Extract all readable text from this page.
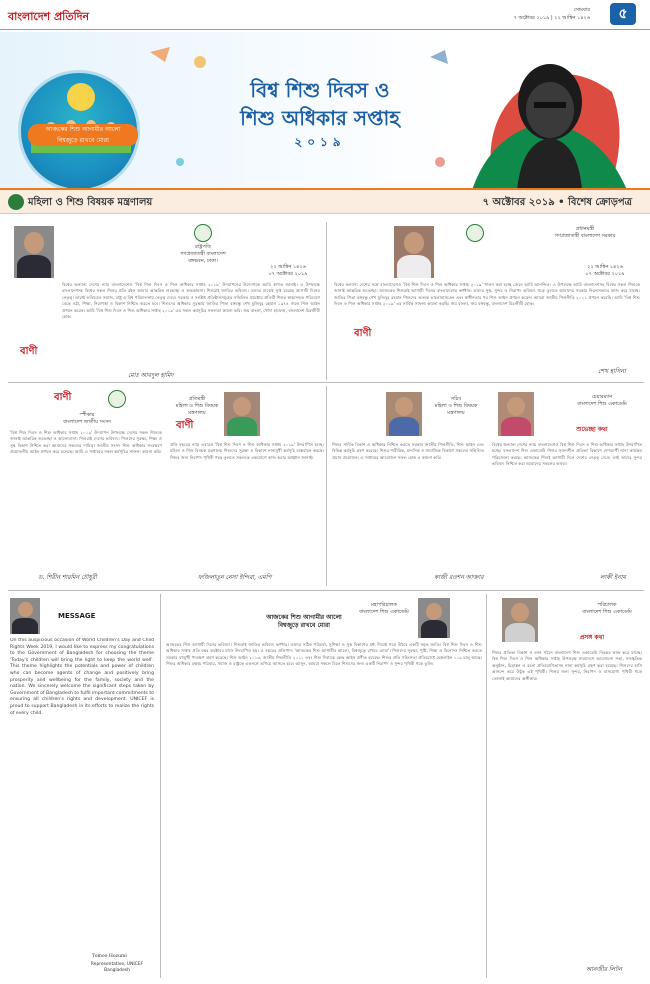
বাংলাদেশ প্রতিদিন	সোমবার
৭ অক্টোবর ২০১৯ | ২২ আশ্বিন ১৪২৬	৫
আজকের শিশু আগামীর আলো
বিশ্বজুড়ে রাখবে মোরা
বিশ্ব শিশু দিবস ও
শিশু অধিকার সপ্তাহ
২০১৯
মহিলা ও শিশু বিষয়ক মন্ত্রণালয়	৭ অক্টোবর ২০১৯ • বিশেষ ক্রোড়পত্র
রাষ্ট্রপতি
গণপ্রজাতন্ত্রী বাংলাদেশ
বঙ্গভবন, ঢাকা।
২২ আশ্বিন ১৪২৬
০৭ অক্টোবর ২০১৯
বিশ্বের অন্যান্য দেশের ন্যায় বাংলাদেশেও 'বিশ্ব শিশু দিবস ও শিশু অধিকার সপ্তাহ ২০১৯' উদযাপনের উদ্যোগকে আমি স্বাগত জানাই। এ উপলক্ষে বাংলাদেশসহ বিশ্বের সকল শিশুর প্রতি রইল আমার আন্তরিক শুভেচ্ছা ও শুভকামনা। শিশুরাই জাতির ভবিষ্যৎ। তাদের মাঝেই সুপ্ত রয়েছে আগামী দিনের নেতৃত্ব। তারাই ভবিষ্যতে সমাজ, রাষ্ট্র ও বিশ্ব পরিচালনায় নেতৃত্ব দেবে। সরকার ও সংশ্লিষ্ট প্রতিষ্ঠানসমূহের সম্মিলিত প্রচেষ্টায় প্রতিটি শিশুর স্বাস্থ্যসম্মত পরিবেশে বেড়ে ওঠা, শিক্ষা, নিরাপত্তা ও বিকাশ নিশ্চিত করতে হবে। শিশুদের অধিকার সুরক্ষায় জাতির পিতা বঙ্গবন্ধু শেখ মুজিবুর রহমান ১৯৭৪ সালে শিশু আইন প্রণয়ন করেন। আমি 'বিশ্ব শিশু দিবস ও শিশু অধিকার সপ্তাহ ২০১৯' এর সকল কর্মসূচির সফলতা কামনা করি। জয় বাংলা, খোদা হাফেজ, বাংলাদেশ চিরজীবী হোক।
বাণী
মোঃ আবদুল হামিদ
প্রধানমন্ত্রী
গণপ্রজাতন্ত্রী বাংলাদেশ সরকার
২২ আশ্বিন ১৪২৬
০৭ অক্টোবর ২০১৯
বিশ্বের অন্যান্য দেশের সঙ্গে বাংলাদেশেও 'বিশ্ব শিশু দিবস ও শিশু অধিকার সপ্তাহ ২০১৯' পালন করা হচ্ছে জেনে আমি আনন্দিত। এ উপলক্ষে আমি বাংলাদেশসহ বিশ্বের সকল শিশুকে জানাই আন্তরিক শুভেচ্ছা। আজকের শিশুরাই আগামী দিনের বাংলাদেশের কর্ণধার। তাদের সুস্থ, সুন্দর ও নিরাপদ ভবিষ্যৎ গড়ে তুলতে আমাদের সরকার নিরলসভাবে কাজ করে যাচ্ছে। জাতির পিতা বঙ্গবন্ধু শেখ মুজিবুর রহমান শিশুদের অত্যন্ত ভালোবাসতেন এবং স্বাধীনতার পর শিশু আইন প্রণয়ন করেন। আমরা জাতীয় শিশুনীতি ২০১১ প্রণয়ন করেছি। আমি 'বিশ্ব শিশু দিবস ও শিশু অধিকার সপ্তাহ ২০১৯' এর সার্বিক সাফল্য কামনা করছি। জয় বাংলা, জয় বঙ্গবন্ধু, বাংলাদেশ চিরজীবী হোক।
বাণী
শেখ হাসিনা
বাণী
স্পীকার
বাংলাদেশ জাতীয় সংসদ
'বিশ্ব শিশু দিবস ও শিশু অধিকার সপ্তাহ ২০১৯' উদযাপন উপলক্ষে দেশের সকল শিশুকে জানাই আন্তরিক শুভেচ্ছা ও ভালোবাসা। শিশুরাই দেশের ভবিষ্যৎ। শিশুদের সুরক্ষা, শিক্ষা ও সুস্থ বিকাশ নিশ্চিত করা আমাদের সকলের দায়িত্ব। জাতীয় সংসদ শিশু অধিকার সংরক্ষণে প্রয়োজনীয় আইন প্রণয়ন করে চলেছে। আমি এ সপ্তাহের সকল কর্মসূচির সাফল্য কামনা করি।
ড. শিরীন শারমিন চৌধুরী
প্রতিমন্ত্রী
মহিলা ও শিশু বিষয়ক মন্ত্রণালয়
বাণী
প্রতি বছরের ন্যায় এবারও 'বিশ্ব শিশু দিবস ও শিশু অধিকার সপ্তাহ ২০১৯' উদযাপিত হচ্ছে। মহিলা ও শিশু বিষয়ক মন্ত্রণালয় শিশুদের সুরক্ষা ও বিকাশে নানামুখী কর্মসূচি বাস্তবায়ন করছে। শিশুর জন্য নিরাপদ পৃথিবী গড়ে তুলতে সকলকে একযোগে কাজ করার আহ্বান জানাই।
ফজিলাতুন নেসা ইন্দিরা, এমপি
সচিব
মহিলা ও শিশু বিষয়ক মন্ত্রণালয়
শিশুর সার্বিক বিকাশ ও অধিকার নিশ্চিত করতে সরকার জাতীয় শিশুনীতি, শিশু আইন এবং বিভিন্ন কর্মসূচি গ্রহণ করেছে। শিশুর শারীরিক, মানসিক ও সামাজিক বিকাশে সকলের সম্মিলিত প্রয়াস প্রয়োজন। এ সপ্তাহের আয়োজন সফল হোক এ কামনা করি।
কাজী রওশন আক্তার
চেয়ারম্যান
বাংলাদেশ শিশু একাডেমি
শুভেচ্ছা কথা
বিশ্বের অন্যান্য দেশের ন্যায় বাংলাদেশেও বিশ্ব শিশু দিবস ও শিশু অধিকার সপ্তাহ উদযাপিত হচ্ছে। বাংলাদেশ শিশু একাডেমি শিশুর সৃজনশীল প্রতিভা বিকাশে দেশব্যাপী নানা কার্যক্রম পরিচালনা করছে। আজকের শিশুই আগামী দিনে দেশের নেতৃত্ব দেবে। তাই তাদের সুন্দর ভবিষ্যৎ নিশ্চিত করা আমাদের সকলের কর্তব্য।
লাকী ইনাম
MESSAGE
On this auspicious occasion of World Children's Day and Child Rights Week 2019, I would like to express my congratulations to the Government of Bangladesh for choosing the theme 'Today's children will bring the light to keep the world well'. This theme highlights the potentials and power of children who can become agents of change and positively bring prosperity and wellbeing for the family, society and the nation. We sincerely welcome the significant steps taken by Government of Bangladesh to fulfil important commitments to ensuring all children's rights and development. UNICEF is proud to support Bangladesh in its efforts to realize the rights of every child.
Tomoo Hozumi
Representative, UNICEF Bangladesh
মহাপরিচালক
বাংলাদেশ শিশু একাডেমি
আজকের শিশু আগামীর আলো
বিশ্বজুড়ে রাখবে মোরা
আজকের শিশু আগামী দিনের ভবিষ্যৎ। শিশুরাই জাতির ভবিষ্যৎ কর্ণধার। তাদের সঠিক পরিচর্যা, সুশিক্ষা ও সুস্থ বিকাশের মধ্য দিয়েই গড়ে উঠবে একটি সমৃদ্ধ জাতি। বিশ্ব শিশু দিবস ও শিশু অধিকার সপ্তাহ প্রতি বছর অক্টোবর মাসে উদযাপিত হয়। এ বছরের প্রতিপাদ্য 'আজকের শিশু আগামীর আলো, বিশ্বজুড়ে রাখবে মোরা'। শিশুদের সুরক্ষা, পুষ্টি, শিক্ষা ও বিনোদন নিশ্চিত করতে সরকার বহুমুখী পদক্ষেপ গ্রহণ করেছে। শিশু আইন ২০১৩, জাতীয় শিশুনীতি ২০১১ এবং শিশু দিবাযত্ন কেন্দ্র আইন প্রণীত হয়েছে। শিশুর প্রতি সহিংসতা প্রতিরোধে হেল্পলাইন ১০৯ চালু আছে। শিশুর অধিকার রক্ষায় পরিবার, সমাজ ও রাষ্ট্রকে একসঙ্গে এগিয়ে আসতে হবে। আসুন, আমরা সকলে মিলে শিশুদের জন্য একটি নিরাপদ ও সুন্দর পৃথিবী গড়ে তুলি।
পরিচালক
বাংলাদেশ শিশু একাডেমি
প্রসঙ্গ কথা
শিশুর প্রতিভা বিকাশ ও মনন গঠনে বাংলাদেশ শিশু একাডেমি নিরন্তর কাজ করে যাচ্ছে। বিশ্ব শিশু দিবস ও শিশু অধিকার সপ্তাহ উপলক্ষে সারাদেশে আলোচনা সভা, সাংস্কৃতিক অনুষ্ঠান, চিত্রাঙ্কন ও রচনা প্রতিযোগিতাসহ নানা কর্মসূচি গ্রহণ করা হয়েছে। শিশুদের হাসি আনন্দে ভরে উঠুক এই পৃথিবী। শিশুর জন্য সুন্দর, নিরাপদ ও বাসযোগ্য পৃথিবী গড়ে তোলাই আমাদের অঙ্গীকার।
আনজীর লিটন
